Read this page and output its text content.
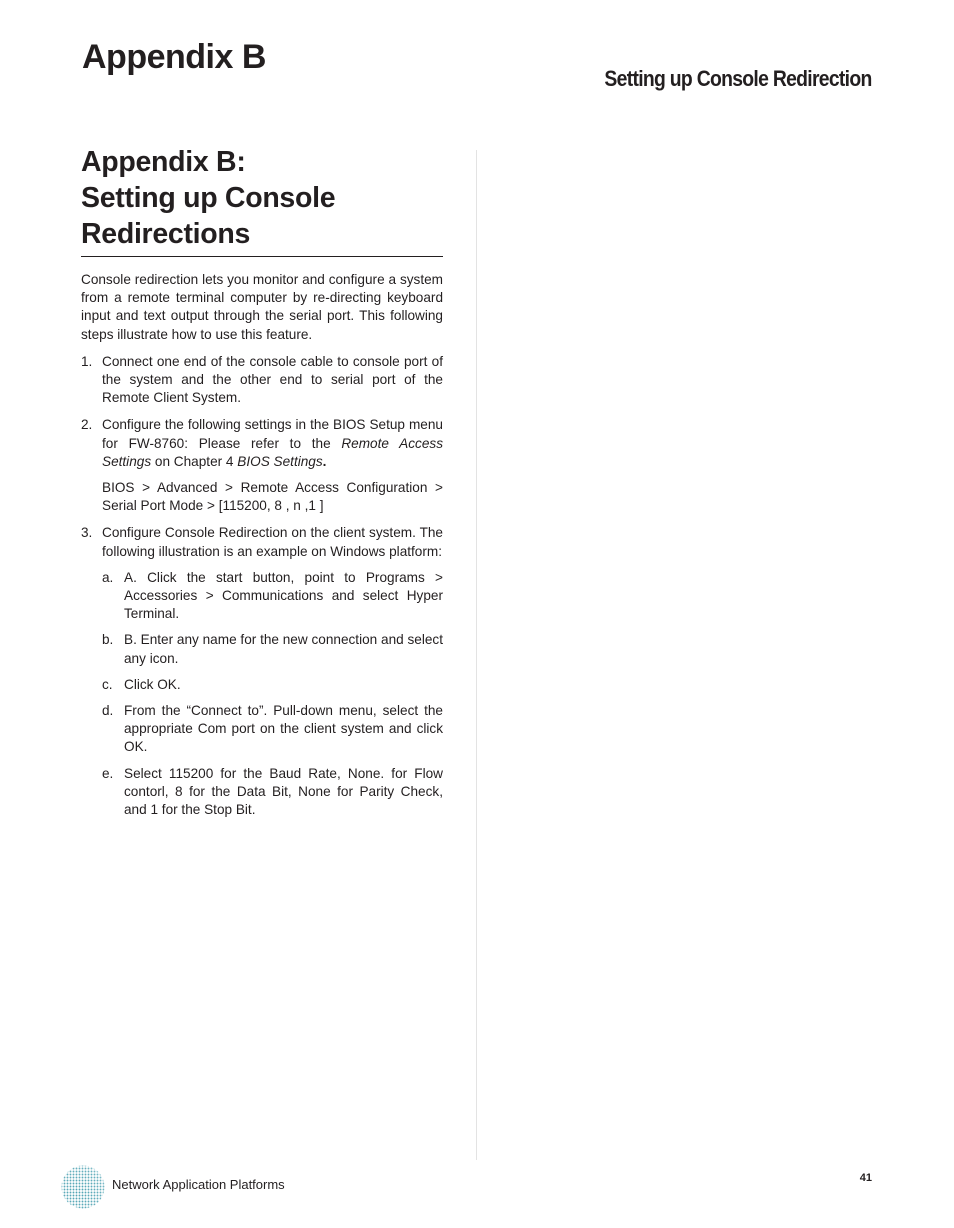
Appendix B
Setting up Console Redirection
Appendix B:
Setting up Console
Redirections

Console redirection lets you monitor and configure a system from a remote terminal computer by re-directing keyboard input and text output through the serial port. This following steps illustrate how to use this feature.

1. Connect one end of the console cable to console port of the system and the other end to serial port of the Remote Client System.
2. Configure the following settings in the BIOS Setup menu for FW-8760: Please refer to the Remote Access Settings on Chapter 4 BIOS Settings.
BIOS > Advanced > Remote Access Configuration > Serial Port Mode > [115200, 8 , n ,1 ]
3. Configure Console Redirection on the client system. The following illustration is an example on Windows platform:
a. A. Click the start button, point to Programs > Accessories > Communications and select Hyper Terminal.
b. B. Enter any name for the new connection and select any icon.
c. Click OK.
d. From the “Connect to”. Pull-down menu, select the appropriate Com port on the client system and click OK.
e. Select 115200 for the Baud Rate, None. for Flow contorl, 8 for the Data Bit, None for Parity Check, and 1 for the Stop Bit.
Network Application Platforms	41
